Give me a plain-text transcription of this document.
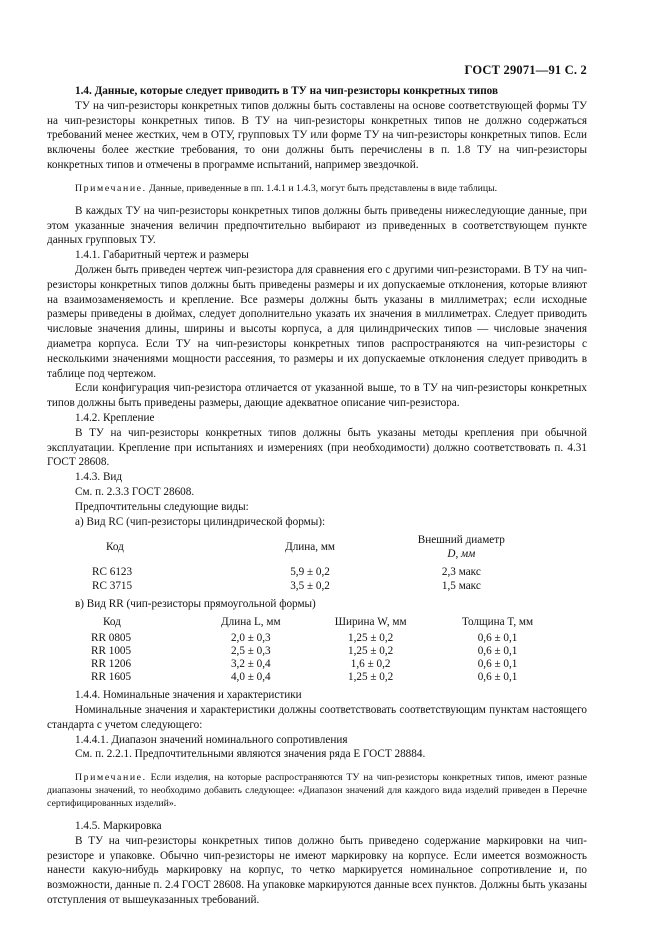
ГОСТ 29071—91 С. 2

1.4. Данные, которые следует приводить в ТУ на чип-резисторы конкретных типов

ТУ на чип-резисторы конкретных типов должны быть составлены на основе соответствующей формы ТУ на чип-резисторы конкретных типов. В ТУ на чип-резисторы конкретных типов не должно содержаться требований менее жестких, чем в ОТУ, групповых ТУ или форме ТУ на чип-резисторы конкретных типов. Если включены более жесткие требования, то они должны быть перечислены в п. 1.8 ТУ на чип-резисторы конкретных типов и отмечены в программе испытаний, например звездочкой.

Примечание. Данные, приведенные в пп. 1.4.1 и 1.4.3, могут быть представлены в виде таблицы.

В каждых ТУ на чип-резисторы конкретных типов должны быть приведены нижеследующие данные, при этом указанные значения величин предпочтительно выбирают из приведенных в соответствующем пункте данных групповых ТУ.

1.4.1. Габаритный чертеж и размеры

Должен быть приведен чертеж чип-резистора для сравнения его с другими чип-резисторами. В ТУ на чип-резисторы конкретных типов должны быть приведены размеры и их допускаемые отклонения, которые влияют на взаимозаменяемость и крепление. Все размеры должны быть указаны в миллиметрах; если исходные размеры приведены в дюймах, следует дополнительно указать их значения в миллиметрах. Следует приводить числовые значения длины, ширины и высоты корпуса, а для цилиндрических типов — числовые значения диаметра корпуса. Если ТУ на чип-резисторы конкретных типов распространяются на чип-резисторы с несколькими значениями мощности рассеяния, то размеры и их допускаемые отклонения следует приводить в таблице под чертежом.

Если конфигурация чип-резистора отличается от указанной выше, то в ТУ на чип-резисторы конкретных типов должны быть приведены размеры, дающие адекватное описание чип-резистора.

1.4.2. Крепление

В ТУ на чип-резисторы конкретных типов должны быть указаны методы крепления при обычной эксплуатации. Крепление при испытаниях и измерениях (при необходимости) должно соответствовать п. 4.31 ГОСТ 28608.

1.4.3. Вид

См. п. 2.3.3 ГОСТ 28608.

Предпочтительны следующие виды:

а) Вид RC (чип-резисторы цилиндрической формы):

Код	Длина, мм	Внешний диаметр
D, мм

RC 6123	5,9 ± 0,2	2,3 макс
RC 3715	3,5 ± 0,2	1,5 макс

в) Вид RR (чип-резисторы прямоугольной формы)

Код	Длина L, мм	Ширина W, мм	Толщина T, мм

RR 0805	2,0 ± 0,3	1,25 ± 0,2	0,6 ± 0,1
RR 1005	2,5 ± 0,3	1,25 ± 0,2	0,6 ± 0,1
RR 1206	3,2 ± 0,4	1,6 ± 0,2	0,6 ± 0,1
RR 1605	4,0 ± 0,4	1,25 ± 0,2	0,6 ± 0,1

1.4.4. Номинальные значения и характеристики

Номинальные значения и характеристики должны соответствовать соответствующим пунктам настоящего стандарта с учетом следующего:

1.4.4.1. Диапазон значений номинального сопротивления

См. п. 2.2.1. Предпочтительными являются значения ряда Е ГОСТ 28884.

Примечание. Если изделия, на которые распространяются ТУ на чип-резисторы конкретных типов, имеют разные диапазоны значений, то необходимо добавить следующее: «Диапазон значений для каждого вида изделий приведен в Перечне сертифицированных изделий».

1.4.5. Маркировка

В ТУ на чип-резисторы конкретных типов должно быть приведено содержание маркировки на чип-резисторе и упаковке. Обычно чип-резисторы не имеют маркировку на корпусе. Если имеется возможность нанести какую-нибудь маркировку на корпус, то четко маркируется номинальное сопротивление и, по возможности, данные п. 2.4 ГОСТ 28608. На упаковке маркируются данные всех пунктов. Должны быть указаны отступления от вышеуказанных требований.
